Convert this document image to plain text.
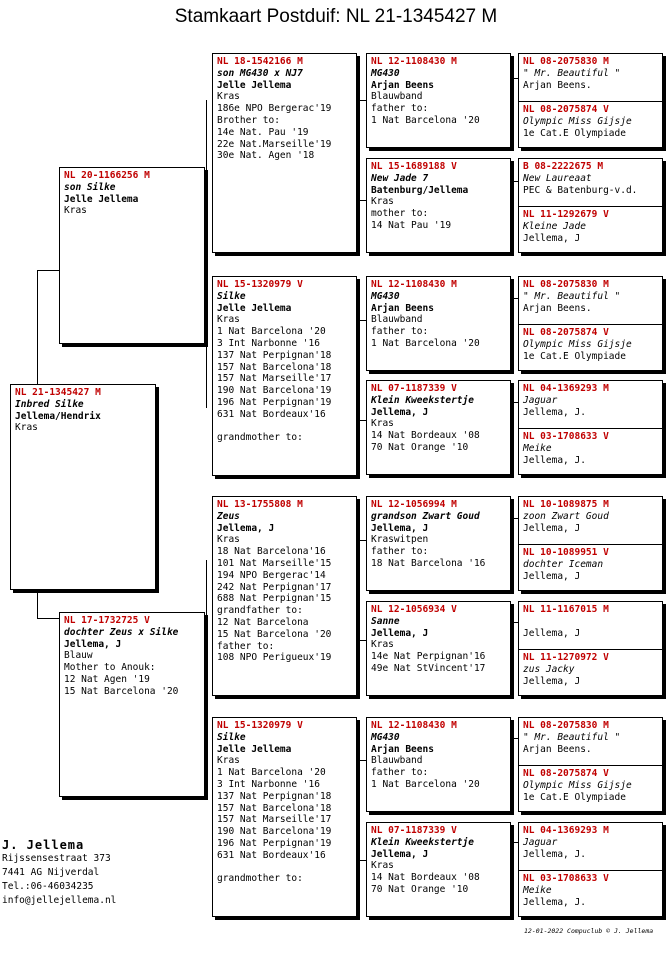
Stamkaart Postduif: NL 21-1345427 M
NL 21-1345427 M
Inbred Silke
Jellema/Hendrix
Kras
NL 20-1166256 M
son Silke
Jelle Jellema
Kras
NL 17-1732725 V
dochter Zeus x Silke
Jellema, J
Blauw
Mother to Anouk:
12 Nat Agen '19
15 Nat Barcelona '20
NL 18-1542166 M
son MG430 x NJ7
Jelle Jellema
Kras
186e NPO Bergerac'19
Brother to:
14e Nat. Pau '19
22e Nat.Marseille'19
30e Nat. Agen '18
NL 15-1320979 V
Silke
Jelle Jellema
Kras
1 Nat Barcelona '20
3 Int Narbonne '16
137 Nat Perpignan'18
157 Nat Barcelona'18
157 Nat Marseille'17
190 Nat Barcelona'19
196 Nat Perpignan'19
631 Nat Bordeaux'16

grandmother to:
NL 13-1755808 M
Zeus
Jellema, J
Kras
18 Nat Barcelona'16
101 Nat Marseille'15
194 NPO Bergerac'14
242 Nat Perpignan'17
688 Nat Perpignan'15
grandfather to:
12 Nat Barcelona
15 Nat Barcelona '20
father to:
108 NPO Perigueux'19
NL 15-1320979 V
Silke
Jelle Jellema
Kras
1 Nat Barcelona '20
3 Int Narbonne '16
137 Nat Perpignan'18
157 Nat Barcelona'18
157 Nat Marseille'17
190 Nat Barcelona'19
196 Nat Perpignan'19
631 Nat Bordeaux'16

grandmother to:
NL 12-1108430 M
MG430
Arjan Beens
Blauwband
father to:
1 Nat Barcelona '20
NL 15-1689188 V
New Jade 7
Batenburg/Jellema
Kras
mother to:
14 Nat Pau '19
NL 12-1108430 M
MG430
Arjan Beens
Blauwband
father to:
1 Nat Barcelona '20
NL 07-1187339 V
Klein Kweekstertje
Jellema, J
Kras
14 Nat Bordeaux '08
70 Nat Orange '10
NL 12-1056994 M
grandson Zwart Goud
Jellema, J
Kraswitpen
father to:
18 Nat Barcelona '16
NL 12-1056934 V
Sanne
Jellema, J
Kras
14e Nat Perpignan'16
49e Nat StVincent'17
NL 12-1108430 M
MG430
Arjan Beens
Blauwband
father to:
1 Nat Barcelona '20
NL 07-1187339 V
Klein Kweekstertje
Jellema, J
Kras
14 Nat Bordeaux '08
70 Nat Orange '10
NL 08-2075830 M
" Mr. Beautiful "
Arjan Beens.
NL 08-2075874 V
Olympic Miss Gijsje
1e Cat.E Olympiade
B 08-2222675 M
New Laureaat
PEC & Batenburg-v.d.
NL 11-1292679 V
Kleine Jade
Jellema, J
NL 08-2075830 M
" Mr. Beautiful "
Arjan Beens.
NL 08-2075874 V
Olympic Miss Gijsje
1e Cat.E Olympiade
NL 04-1369293 M
Jaguar
Jellema, J.
NL 03-1708633 V
Meike
Jellema, J.
NL 10-1089875 M
zoon Zwart Goud
Jellema, J
NL 10-1089951 V
dochter Iceman
Jellema, J
NL 11-1167015 M

Jellema, J
NL 11-1270972 V
zus Jacky
Jellema, J
NL 08-2075830 M
" Mr. Beautiful "
Arjan Beens.
NL 08-2075874 V
Olympic Miss Gijsje
1e Cat.E Olympiade
NL 04-1369293 M
Jaguar
Jellema, J.
NL 03-1708633 V
Meike
Jellema, J.
J. Jellema
Rijssensestraat 373
7441 AG Nijverdal
Tel.:06-46034235
info@jellejellema.nl
12-01-2022 Compuclub © J. Jellema
